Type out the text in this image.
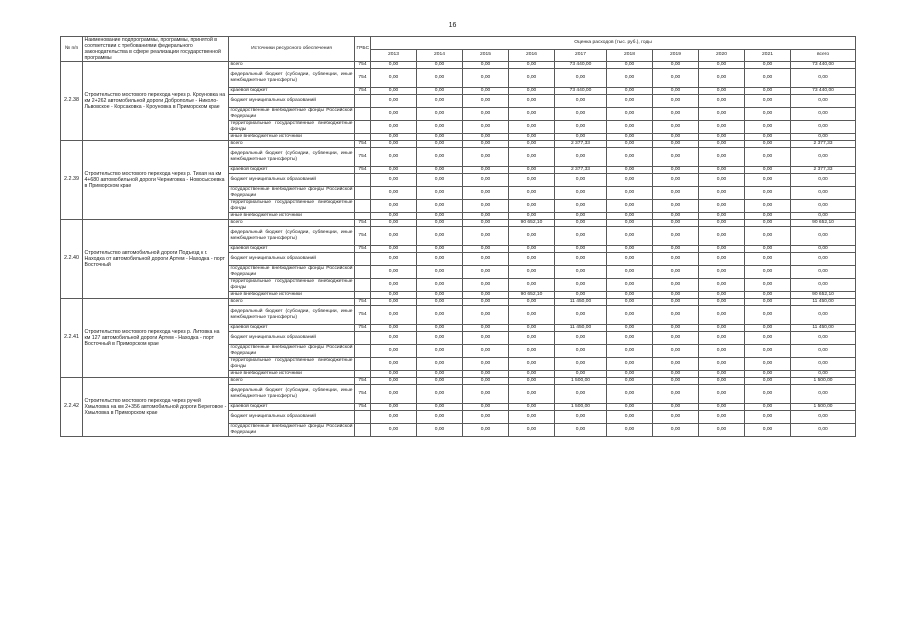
16
№ п/п	Наименование подпрограммы, программы, принятой в соответствии с требованиями федерального законодательства в сфере реализации государственной программы	Источники ресурсного обеспечения	ГРБС	Оценка расходов (тыс. руб.), годы									
				2013	2014	2015	2016	2017	2018	2019	2020	2021	всего
2.2.38	Строительство мостового перехода через р. Кроуновка на км 2+262 автомобильной дороги Доброполье - Николо-Львовское - Корсаковка - Кроуновка в Приморском крае	всего	754	0,00	0,00	0,00	0,00	73 440,00	0,00	0,00	0,00	0,00	73 440,00
		федеральный бюджет (субсидии, субвенции, иные межбюджетные трансферты)	754	0,00	0,00	0,00	0,00	0,00	0,00	0,00	0,00	0,00	0,00
		краевой бюджет	754	0,00	0,00	0,00	0,00	73 440,00	0,00	0,00	0,00	0,00	73 440,00
		бюджет муниципальных образований		0,00	0,00	0,00	0,00	0,00	0,00	0,00	0,00	0,00	0,00
		государственные внебюджетные фонды Российской Федерации		0,00	0,00	0,00	0,00	0,00	0,00	0,00	0,00	0,00	0,00
		территориальные государственные внебюджетные фонды		0,00	0,00	0,00	0,00	0,00	0,00	0,00	0,00	0,00	0,00
		иные внебюджетные источники		0,00	0,00	0,00	0,00	0,00	0,00	0,00	0,00	0,00	0,00
2.2.39	Строительство мостового перехода через р. Тихая на км 4+680 автомобильной дороги Черниговка - Новосысоевка в Приморском крае	всего	754	0,00	0,00	0,00	0,00	2 377,33	0,00	0,00	0,00	0,00	2 377,33
		федеральный бюджет (субсидии, субвенции, иные межбюджетные трансферты)	754	0,00	0,00	0,00	0,00	0,00	0,00	0,00	0,00	0,00	0,00
		краевой бюджет	754	0,00	0,00	0,00	0,00	2 377,33	0,00	0,00	0,00	0,00	2 377,33
		бюджет муниципальных образований		0,00	0,00	0,00	0,00	0,00	0,00	0,00	0,00	0,00	0,00
		государственные внебюджетные фонды Российской Федерации		0,00	0,00	0,00	0,00	0,00	0,00	0,00	0,00	0,00	0,00
		территориальные государственные внебюджетные фонды		0,00	0,00	0,00	0,00	0,00	0,00	0,00	0,00	0,00	0,00
		иные внебюджетные источники		0,00	0,00	0,00	0,00	0,00	0,00	0,00	0,00	0,00	0,00
2.2.40	Строительство автомобильной дороги Подъезд к г. Находка от автомобильной дороги Артем - Находка - порт Восточный	всего	754	0,00	0,00	0,00	90 652,10	0,00	0,00	0,00	0,00	0,00	90 652,10
		федеральный бюджет (субсидии, субвенции, иные межбюджетные трансферты)	754	0,00	0,00	0,00	0,00	0,00	0,00	0,00	0,00	0,00	0,00
		краевой бюджет	754	0,00	0,00	0,00	0,00	0,00	0,00	0,00	0,00	0,00	0,00
		бюджет муниципальных образований		0,00	0,00	0,00	0,00	0,00	0,00	0,00	0,00	0,00	0,00
		государственные внебюджетные фонды Российской Федерации		0,00	0,00	0,00	0,00	0,00	0,00	0,00	0,00	0,00	0,00
		территориальные государственные внебюджетные фонды		0,00	0,00	0,00	0,00	0,00	0,00	0,00	0,00	0,00	0,00
		иные внебюджетные источники		0,00	0,00	0,00	90 652,10	0,00	0,00	0,00	0,00	0,00	90 652,10
2.2.41	Строительство мостового перехода через р. Литовка на км 127 автомобильной дороги Артем - Находка - порт Восточный в Приморском крае	всего	754	0,00	0,00	0,00	0,00	11 450,00	0,00	0,00	0,00	0,00	11 450,00
		федеральный бюджет (субсидии, субвенции, иные межбюджетные трансферты)	754	0,00	0,00	0,00	0,00	0,00	0,00	0,00	0,00	0,00	0,00
		краевой бюджет	754	0,00	0,00	0,00	0,00	11 450,00	0,00	0,00	0,00	0,00	11 450,00
		бюджет муниципальных образований		0,00	0,00	0,00	0,00	0,00	0,00	0,00	0,00	0,00	0,00
		государственные внебюджетные фонды Российской Федерации		0,00	0,00	0,00	0,00	0,00	0,00	0,00	0,00	0,00	0,00
		территориальные государственные внебюджетные фонды		0,00	0,00	0,00	0,00	0,00	0,00	0,00	0,00	0,00	0,00
		иные внебюджетные источники		0,00	0,00	0,00	0,00	0,00	0,00	0,00	0,00	0,00	0,00
2.2.42	Строительство мостового перехода через ручей Хмыловка на км 2+356 автомобильной дороги Береговое - Хмыловка в Приморском крае	всего	754	0,00	0,00	0,00	0,00	1 500,00	0,00	0,00	0,00	0,00	1 500,00
		федеральный бюджет (субсидии, субвенции, иные межбюджетные трансферты)	754	0,00	0,00	0,00	0,00	0,00	0,00	0,00	0,00	0,00	0,00
		краевой бюджет	754	0,00	0,00	0,00	0,00	1 500,00	0,00	0,00	0,00	0,00	1 500,00
		бюджет муниципальных образований		0,00	0,00	0,00	0,00	0,00	0,00	0,00	0,00	0,00	0,00
		государственные внебюджетные фонды Российской Федерации		0,00	0,00	0,00	0,00	0,00	0,00	0,00	0,00	0,00	0,00
